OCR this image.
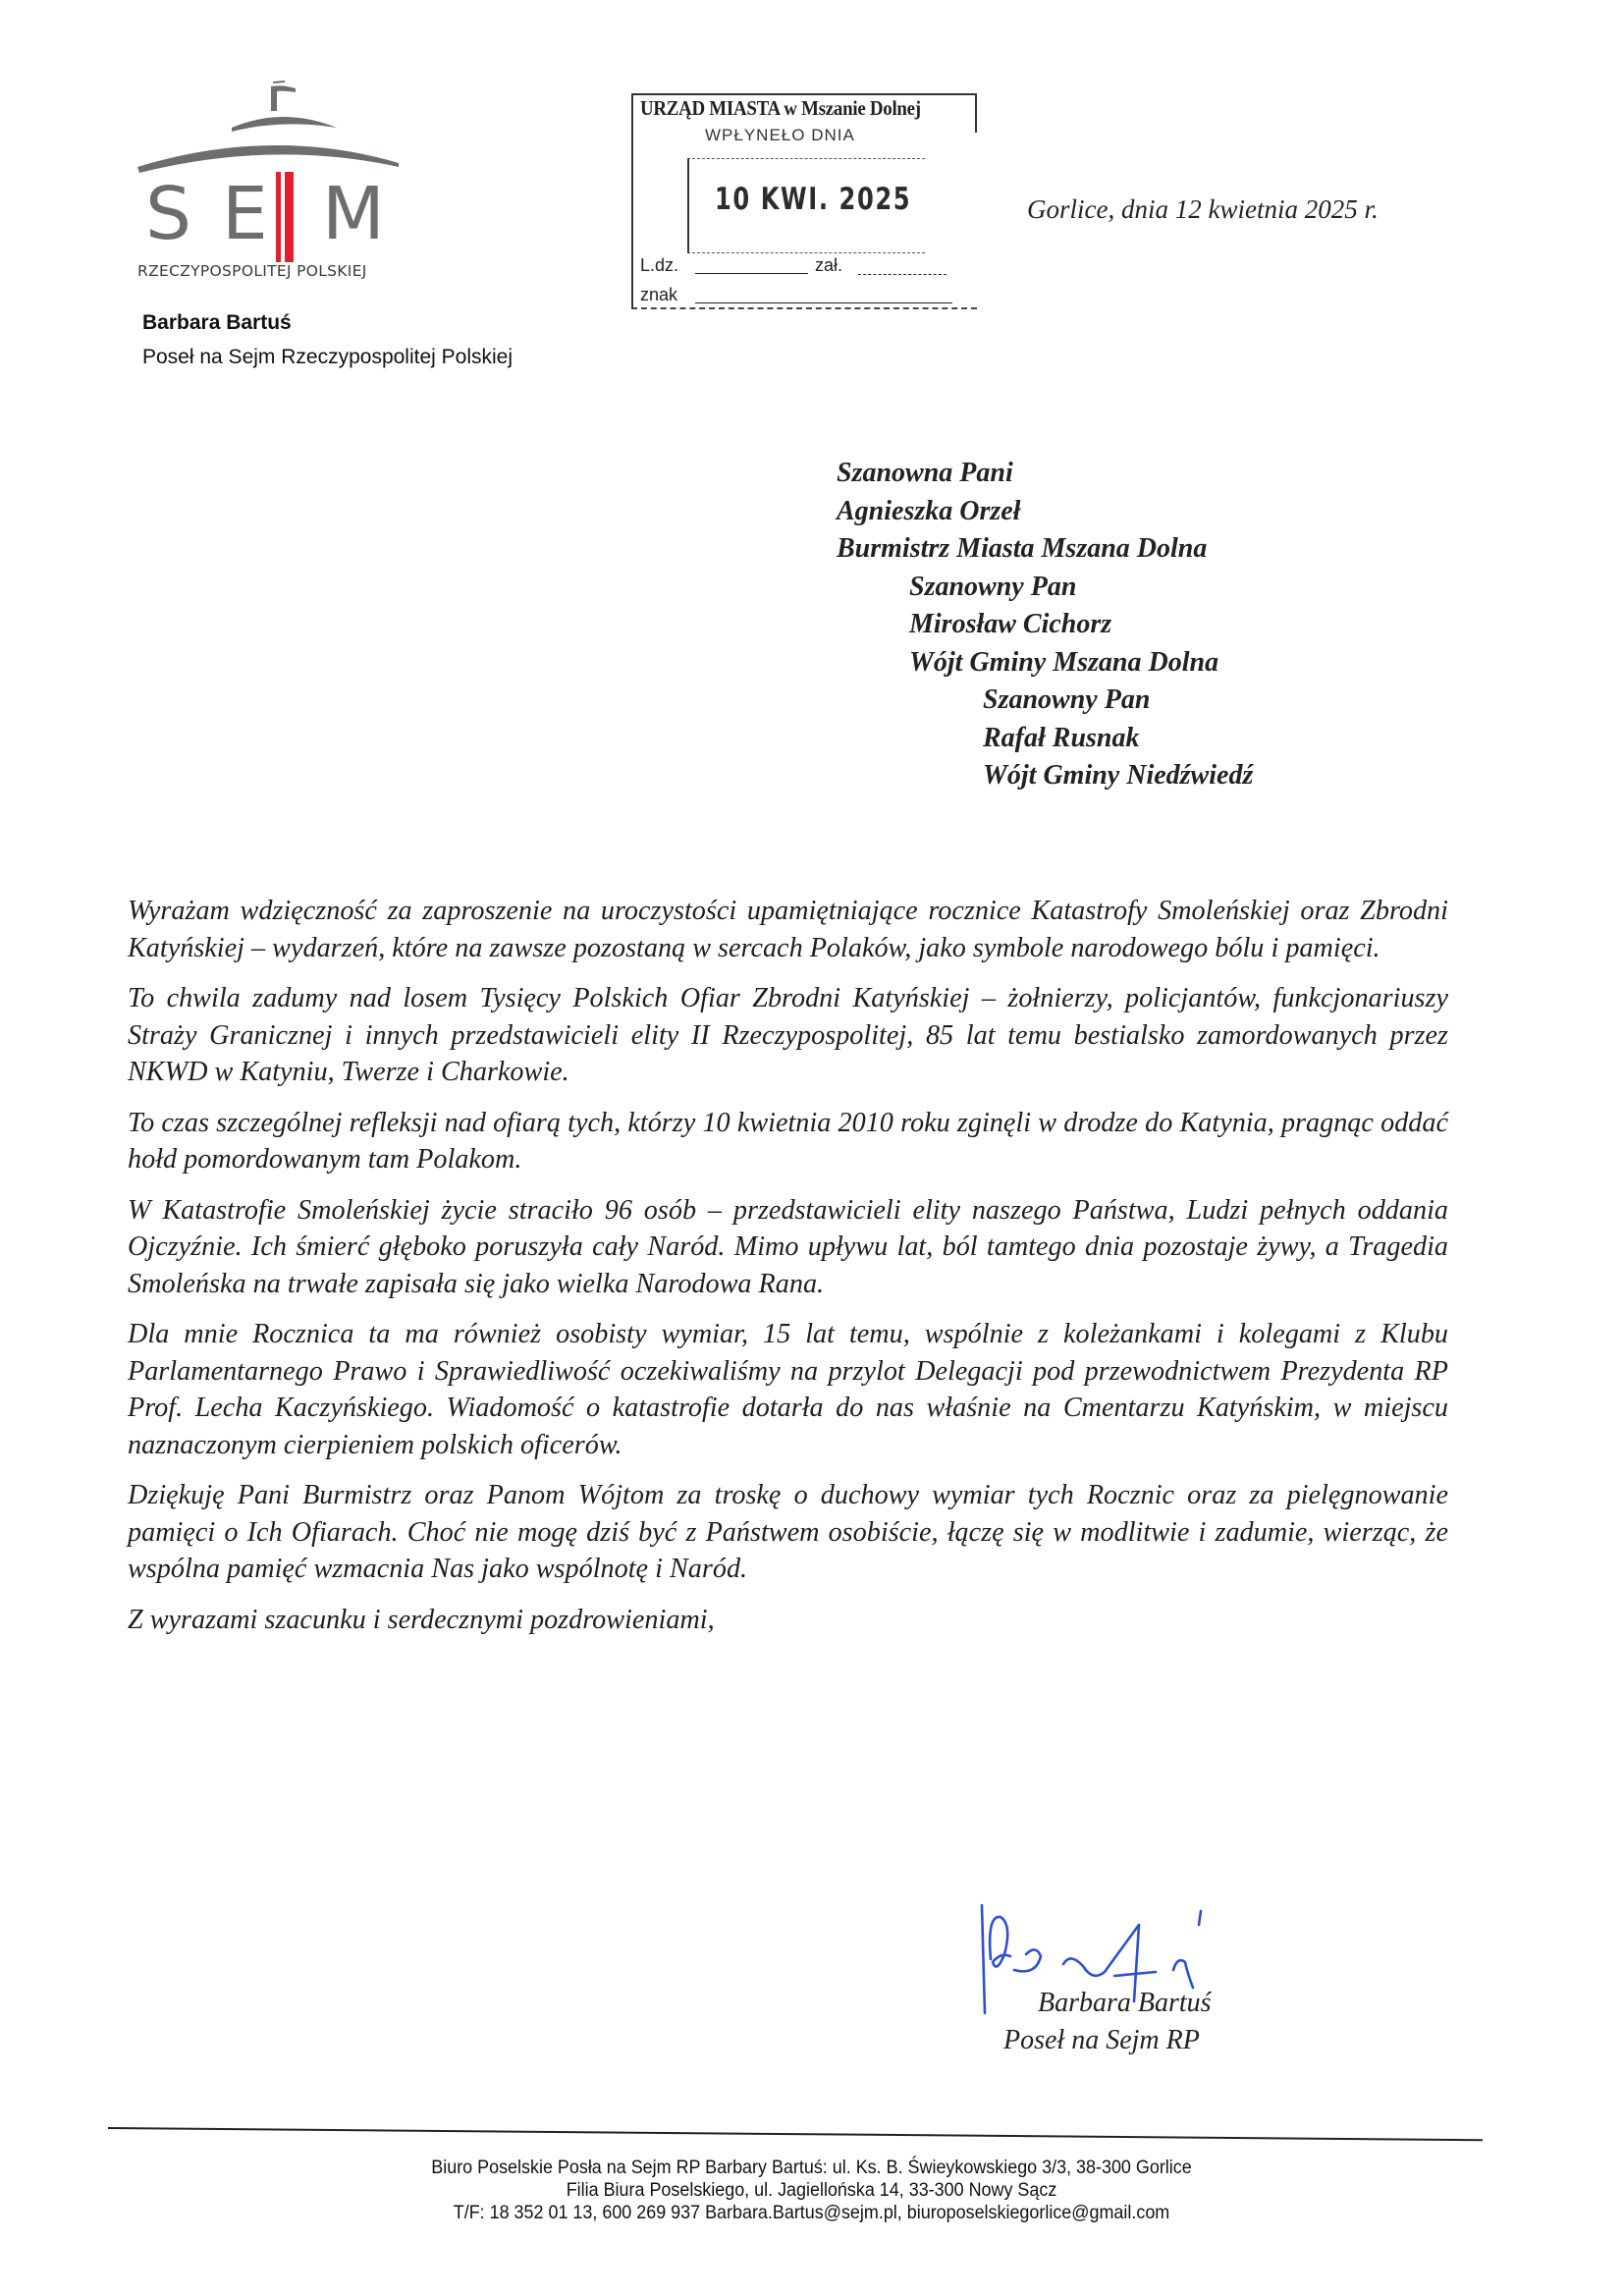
S E M
RZECZYPOSPOLITEJ POLSKIEJ
Barbara Bartuś
Poseł na Sejm Rzeczypospolitej Polskiej
URZĄD MIASTA w Mszanie Dolnej
WPŁYNEŁO DNIA
10 KWI. 2025
L.dz.	zał.
znak
Gorlice, dnia 12 kwietnia 2025 r.
Szanowna Pani
Agnieszka Orzeł
Burmistrz Miasta Mszana Dolna
Szanowny Pan
Mirosław Cichorz
Wójt Gminy Mszana Dolna
Szanowny Pan
Rafał Rusnak
Wójt Gminy Niedźwiedź

Wyrażam wdzięczność za zaproszenie na uroczystości upamiętniające rocznice Katastrofy Smoleńskiej oraz Zbrodni Katyńskiej – wydarzeń, które na zawsze pozostaną w sercach Polaków, jako symbole narodowego bólu i pamięci.

To chwila zadumy nad losem Tysięcy Polskich Ofiar Zbrodni Katyńskiej – żołnierzy, policjantów, funkcjonariuszy Straży Granicznej i innych przedstawicieli elity II Rzeczypospolitej, 85 lat temu bestialsko zamordowanych przez NKWD w Katyniu, Twerze i Charkowie.

To czas szczególnej refleksji nad ofiarą tych, którzy 10 kwietnia 2010 roku zginęli w drodze do Katynia, pragnąc oddać hołd pomordowanym tam Polakom.

W Katastrofie Smoleńskiej życie straciło 96 osób – przedstawicieli elity naszego Państwa, Ludzi pełnych oddania Ojczyźnie. Ich śmierć głęboko poruszyła cały Naród. Mimo upływu lat, ból tamtego dnia pozostaje żywy, a Tragedia Smoleńska na trwałe zapisała się jako wielka Narodowa Rana.

Dla mnie Rocznica ta ma również osobisty wymiar, 15 lat temu, wspólnie z koleżankami i kolegami z Klubu Parlamentarnego Prawo i Sprawiedliwość oczekiwaliśmy na przylot Delegacji pod przewodnictwem Prezydenta RP Prof. Lecha Kaczyńskiego. Wiadomość o katastrofie dotarła do nas właśnie na Cmentarzu Katyńskim, w miejscu naznaczonym cierpieniem polskich oficerów.

Dziękuję Pani Burmistrz oraz Panom Wójtom za troskę o duchowy wymiar tych Rocznic oraz za pielęgnowanie pamięci o Ich Ofiarach. Choć nie mogę dziś być z Państwem osobiście, łączę się w modlitwie i zadumie, wierząc, że wspólna pamięć wzmacnia Nas jako wspólnotę i Naród.

Z wyrazami szacunku i serdecznymi pozdrowieniami,

Barbara Bartuś
Poseł na Sejm RP
Biuro Poselskie Posła na Sejm RP Barbary Bartuś: ul. Ks. B. Świeykowskiego 3/3, 38-300 Gorlice
Filia Biura Poselskiego, ul. Jagiellońska 14, 33-300 Nowy Sącz
T/F: 18 352 01 13, 600 269 937 Barbara.Bartus@sejm.pl, biuroposelskiegorlice@gmail.com
